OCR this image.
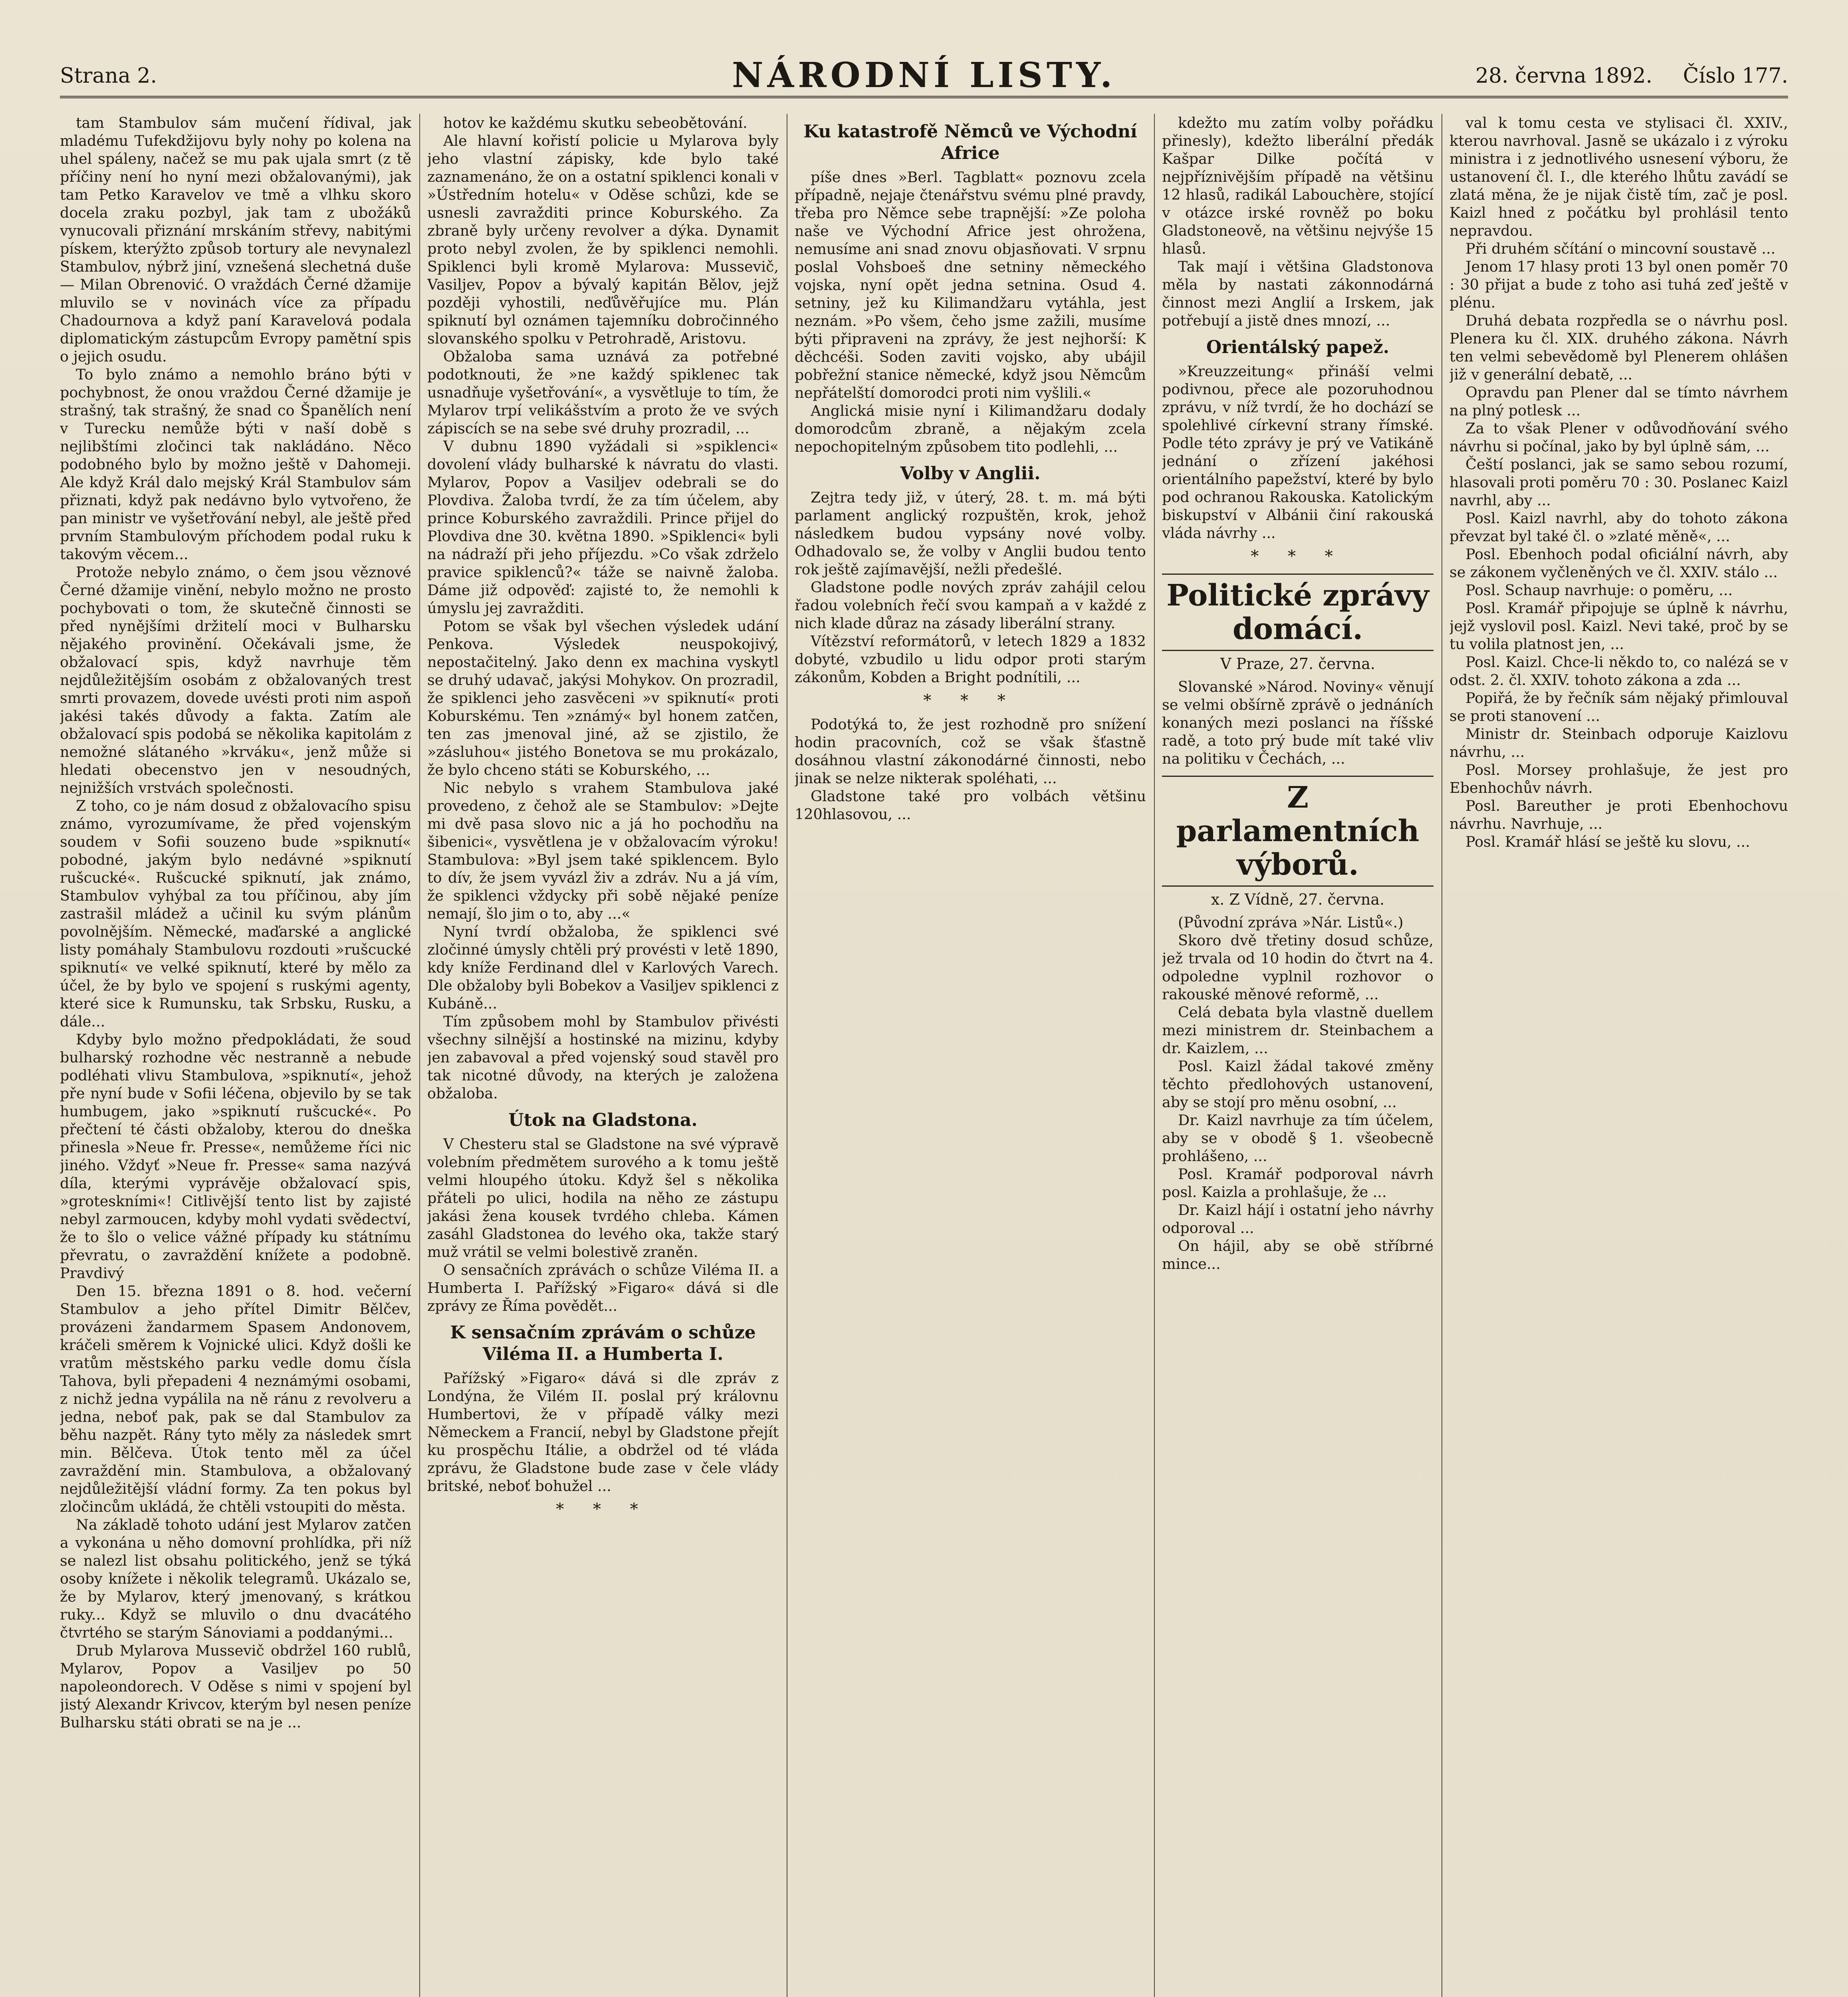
Strana 2.	NÁRODNÍ LISTY.	28. června 1892. Číslo 177.

tam Stambulov sám mučení řídival, jak mladému Tufekdžijovu byly nohy po kolena na uhel spáleny, načež se mu pak ujala smrt (z tě příčiny není ho nyní mezi obžalovanými), jak tam Petko Karavelov ve tmě a vlhku skoro docela zraku pozbyl, jak tam z ubožáků vynucovali přiznání mrskáním střevy, nabitými pískem, kterýžto způsob tortury ale nevynalezl Stambulov, nýbrž jiní, vznešená slechetná duše — Milan Obrenović. O vraždách Černé džamije mluvilo se v novinách více za případu Chadournova a když paní Karavelová podala diplomatickým zástupcům Evropy pamětní spis o jejich osudu.

To bylo známo a nemohlo bráno býti v pochybnost, že onou vraždou Černé džamije je strašný, tak strašný, že snad co Španělích není v Turecku nemůže býti v naší době s nejlibštími zločinci tak nakládáno. Něco podobného bylo by možno ještě v Dahomeji. Ale když Král dalo mejský Král Stambulov sám přiznati, když pak nedávno bylo vytvořeno, že pan ministr ve vyšetřování nebyl, ale ještě před prvním Stambulovým příchodem podal ruku k takovým věcem...

Protože nebylo známo, o čem jsou věznové Černé džamije vinění, nebylo možno ne prosto pochybovati o tom, že skutečně činnosti se před nynějšími držitelí moci v Bulharsku nějakého provinění. Očekávali jsme, že obžalovací spis, když navrhuje těm nejdůležitějším osobám z obžalovaných trest smrti provazem, dovede uvésti proti nim aspoň jakési takés důvody a fakta. Zatím ale obžalovací spis podobá se několika kapitolám z nemožné slátaného »krváku«, jenž může si hledati obecenstvo jen v nesoudných, nejnižších vrstvách společnosti.

Z toho, co je nám dosud z obžalovacího spisu známo, vyrozumívame, že před vojenským soudem v Sofii souzeno bude »spiknutí« pobodné, jakým bylo nedávné »spiknutí rušcucké«. Rušcucké spiknutí, jak známo, Stambulov vyhýbal za tou příčinou, aby jím zastrašil mládež a učinil ku svým plánům povolnějším. Německé, maďarské a anglické listy pomáhaly Stambulovu rozdouti »rušcucké spiknutí« ve velké spiknutí, které by mělo za účel, že by bylo ve spojení s ruskými agenty, které sice k Rumunsku, tak Srbsku, Rusku, a dále...

Kdyby bylo možno předpokládati, že soud bulharský rozhodne věc nestranně a nebude podléhati vlivu Stambulova, »spiknutí«, jehož pře nyní bude v Sofii léčena, objevilo by se tak humbugem, jako »spiknutí rušcucké«. Po přečtení té části obžaloby, kterou do dneška přinesla »Neue fr. Presse«, nemůžeme říci nic jiného. Vždyť »Neue fr. Presse« sama nazývá díla, kterými vyprávěje obžalovací spis, »groteskními«! Citlivější tento list by zajisté nebyl zarmoucen, kdyby mohl vydati svědectví, že to šlo o velice vážné případy ku státnímu převratu, o zavraždění knížete a podobně. Pravdivý

Den 15. března 1891 o 8. hod. večerní Stambulov a jeho přítel Dimitr Bělčev, provázeni žandarmem Spasem Andonovem, kráčeli směrem k Vojnické ulici. Když došli ke vratům městského parku vedle domu čísla Tahova, byli přepadeni 4 neznámými osobami, z nichž jedna vypálila na ně ránu z revolveru a jedna, neboť pak, pak se dal Stambulov za běhu nazpět. Rány tyto měly za následek smrt min. Bělčeva. Útok tento měl za účel zavraždění min. Stambulova, a obžalovaný nejdůležitější vládní formy. Za ten pokus byl zločincům ukládá, že chtěli vstoupiti do města.

Na základě tohoto udání jest Mylarov zatčen a vykonána u něho domovní prohlídka, při níž se nalezl list obsahu politického, jenž se týká osoby knížete i několik telegramů. Ukázalo se, že by Mylarov, který jmenovaný, s krátkou ruky... Když se mluvilo o dnu dvacátého čtvrtého se starým Sánoviami a poddanými...

Drub Mylarova Mussevič obdržel 160 rublů, Mylarov, Popov a Vasiljev po 50 napoleondorech. V Oděse s nimi v spojení byl jistý Alexandr Krivcov, kterým byl nesen peníze Bulharsku státi obrati se na je ...

hotov ke každému skutku sebeobětování.

Ale hlavní kořistí policie u Mylarova byly jeho vlastní zápisky, kde bylo také zaznamenáno, že on a ostatní spiklenci konali v »Ústředním hotelu« v Oděse schůzi, kde se usnesli zavražditi prince Koburského. Za zbraně byly určeny revolver a dýka. Dynamit proto nebyl zvolen, že by spiklenci nemohli. Spiklenci byli kromě Mylarova: Mussevič, Vasiljev, Popov a bývalý kapitán Bělov, jejž později vyhostili, neďůvěřujíce mu. Plán spiknutí byl oznámen tajemníku dobročinného slovanského spolku v Petrohradě, Aristovu.

Obžaloba sama uznává za potřebné podotknouti, že »ne každý spiklenec tak usnadňuje vyšetřování«, a vysvětluje to tím, že Mylarov trpí velikášstvím a proto že ve svých zápiscích se na sebe své druhy prozradil, ...

V dubnu 1890 vyžádali si »spiklenci« dovolení vlády bulharské k návratu do vlasti. Mylarov, Popov a Vasiljev odebrali se do Plovdiva. Žaloba tvrdí, že za tím účelem, aby prince Koburského zavraždili. Prince přijel do Plovdiva dne 30. května 1890. »Spiklenci« byli na nádraží při jeho příjezdu. »Co však zdrželo pravice spiklenců?« táže se naivně žaloba. Dáme již odpověď: zajisté to, že nemohli k úmyslu jej zavražditi.

Potom se však byl všechen výsledek udání Penkova. Výsledek neuspokojivý, nepostačitelný. Jako denn ex machina vyskytl se druhý udavač, jakýsi Mohykov. On prozradil, že spiklenci jeho zasvěceni »v spiknutí« proti Koburskému. Ten »známý« byl honem zatčen, ten zas jmenoval jiné, až se zjistilo, že »zásluhou« jistého Bonetova se mu prokázalo, že bylo chceno státi se Koburského, ...

Nic nebylo s vrahem Stambulova jaké provedeno, z čehož ale se Stambulov: »Dejte mi dvě pasa slovo nic a já ho pochodňu na šibenici«, vysvětlena je v obžalovacím výroku! Stambulova: »Byl jsem také spiklencem. Bylo to dív, že jsem vyvázl živ a zdráv. Nu a já vím, že spiklenci vždycky při sobě nějaké peníze nemají, šlo jim o to, aby ...«

Nyní tvrdí obžaloba, že spiklenci své zločinné úmysly chtěli prý provésti v letě 1890, kdy kníže Ferdinand dlel v Karlových Varech. Dle obžaloby byli Bobekov a Vasiljev spiklenci z Kubáně...

Tím způsobem mohl by Stambulov přivésti všechny silnější a hostinské na mizinu, kdyby jen zabavoval a před vojenský soud stavěl pro tak nicotné důvody, na kterých je založena obžaloba.

Útok na Gladstona.

V Chesteru stal se Gladstone na své výpravě volebním předmětem surového a k tomu ještě velmi hloupého útoku. Když šel s několika přáteli po ulici, hodila na něho ze zástupu jakási žena kousek tvrdého chleba. Kámen zasáhl Gladstonea do levého oka, takže starý muž vrátil se velmi bolestivě zraněn.

O sensačních zprávách o schůze Viléma II. a Humberta I. Pařížský »Figaro« dává si dle zprávy ze Říma povědět...

K sensačním zprávám o schůze Viléma II. a Humberta I.

Pařížský »Figaro« dává si dle zpráv z Londýna, že Vilém II. poslal prý královnu Humbertovi, že v případě války mezi Německem a Francií, nebyl by Gladstone přejít ku prospěchu Itálie, a obdržel od té vláda zprávu, že Gladstone bude zase v čele vlády britské, neboť bohužel ...

* * *
Ku katastrofě Němců ve Východní Africe

píše dnes »Berl. Tagblatt« poznovu zcela případně, nejaje čtenářstvu svému plné pravdy, třeba pro Němce sebe trapnější: »Ze poloha naše ve Východní Africe jest ohrožena, nemusíme ani snad znovu objasňovati. V srpnu poslal Vohsboeš dne setniny německého vojska, nyní opět jedna setnina. Osud 4. setniny, jež ku Kilimandžaru vytáhla, jest neznám. »Po všem, čeho jsme zažili, musíme býti připraveni na zprávy, že jest nejhorší: K děchcéši. Soden zaviti vojsko, aby ubájil pobřežní stanice německé, když jsou Němcům nepřátelští domorodci proti nim vyšlili.«

Anglická misie nyní i Kilimandžaru dodaly domorodcům zbraně, a nějakým zcela nepochopitelným způsobem tito podlehli, ...

Volby v Anglii.

Zejtra tedy již, v úterý, 28. t. m. má býti parlament anglický rozpuštěn, krok, jehož následkem budou vypsány nové volby. Odhadovalo se, že volby v Anglii budou tento rok ještě zajímavější, nežli předešlé.

Gladstone podle nových zpráv zahájil celou řadou volebních řečí svou kampaň a v každé z nich klade důraz na zásady liberální strany.

Vítězství reformátorů, v letech 1829 a 1832 dobyté, vzbudilo u lidu odpor proti starým zákonům, Kobden a Bright podnítili, ...

* * *

Podotýká to, že jest rozhodně pro snížení hodin pracovních, což se však šťastně dosáhnou vlastní zákonodárné činnosti, nebo jinak se nelze nikterak spoléhati, ...

Gladstone také pro volbách většinu 120hlasovou, ...

kdežto mu zatím volby pořádku přinesly), kdežto liberální předák Kašpar Dilke počítá v nejpříznivějším případě na většinu 12 hlasů, radikál Labouchère, stojící v otázce irské rovněž po boku Gladstoneově, na většinu nejvýše 15 hlasů.

Tak mají i většina Gladstonova měla by nastati zákonnodárná činnost mezi Anglií a Irskem, jak potřebují a jistě dnes mnozí, ...

Orientálský papež.

»Kreuzzeitung« přináší velmi podivnou, přece ale pozoruhodnou zprávu, v níž tvrdí, že ho dochází se spolehlivé církevní strany římské. Podle této zprávy je prý ve Vatikáně jednání o zřízení jakéhosi orientálního papežství, které by bylo pod ochranou Rakouska. Katolickým biskupství v Albánii činí rakouská vláda návrhy ...

* * *
Politické zprávy domácí.
V Praze, 27. června.

Slovanské »Národ. Noviny« věnují se velmi obšírně zprávě o jednáních konaných mezi poslanci na říšské radě, a toto prý bude mít také vliv na politiku v Čechách, ...

Z parlamentních výborů.
x. Z Vídně, 27. června.

(Původní zpráva »Nár. Listů«.)

Skoro dvě třetiny dosud schůze, jež trvala od 10 hodin do čtvrt na 4. odpoledne vyplnil rozhovor o rakouské měnové reformě, ...

Celá debata byla vlastně duellem mezi ministrem dr. Steinbachem a dr. Kaizlem, ...

Posl. Kaizl žádal takové změny těchto předlohových ustanovení, aby se stojí pro měnu osobní, ...

Dr. Kaizl navrhuje za tím účelem, aby se v obodě § 1. všeobecně prohlášeno, ...

Posl. Kramář podporoval návrh posl. Kaizla a prohlašuje, že ...

Dr. Kaizl hájí i ostatní jeho návrhy odporoval ...

On hájil, aby se obě stříbrné mince...

val k tomu cesta ve stylisaci čl. XXIV., kterou navrhoval. Jasně se ukázalo i z výroku ministra i z jednotlivého usnesení výboru, že ustanovení čl. I., dle kterého lhůtu zavádí se zlatá měna, že je nijak čistě tím, zač je posl. Kaizl hned z počátku byl prohlásil tento nepravdou.

Při druhém sčítání o mincovní soustavě ...

Jenom 17 hlasy proti 13 byl onen poměr 70 : 30 přijat a bude z toho asi tuhá zeď ještě v plénu.

Druhá debata rozpředla se o návrhu posl. Plenera ku čl. XIX. druhého zákona. Návrh ten velmi sebevědomě byl Plenerem ohlášen již v generální debatě, ...

Opravdu pan Plener dal se tímto návrhem na plný potlesk ...

Za to však Plener v odůvodňování svého návrhu si počínal, jako by byl úplně sám, ...

Čeští poslanci, jak se samo sebou rozumí, hlasovali proti poměru 70 : 30. Poslanec Kaizl navrhl, aby ...

Posl. Kaizl navrhl, aby do tohoto zákona převzat byl také čl. o »zlaté měně«, ...

Posl. Ebenhoch podal oficiální návrh, aby se zákonem vyčleněných ve čl. XXIV. stálo ...

Posl. Schaup navrhuje: o poměru, ...

Posl. Kramář připojuje se úplně k návrhu, jejž vyslovil posl. Kaizl. Nevi také, proč by se tu volila platnost jen, ...

Posl. Kaizl. Chce-li někdo to, co nalézá se v odst. 2. čl. XXIV. tohoto zákona a zda ...

Popiřá, že by řečník sám nějaký přimlouval se proti stanovení ...

Ministr dr. Steinbach odporuje Kaizlovu návrhu, ...

Posl. Morsey prohlašuje, že jest pro Ebenhochův návrh.

Posl. Bareuther je proti Ebenhochovu návrhu. Navrhuje, ...

Posl. Kramář hlásí se ještě ku slovu, ...
